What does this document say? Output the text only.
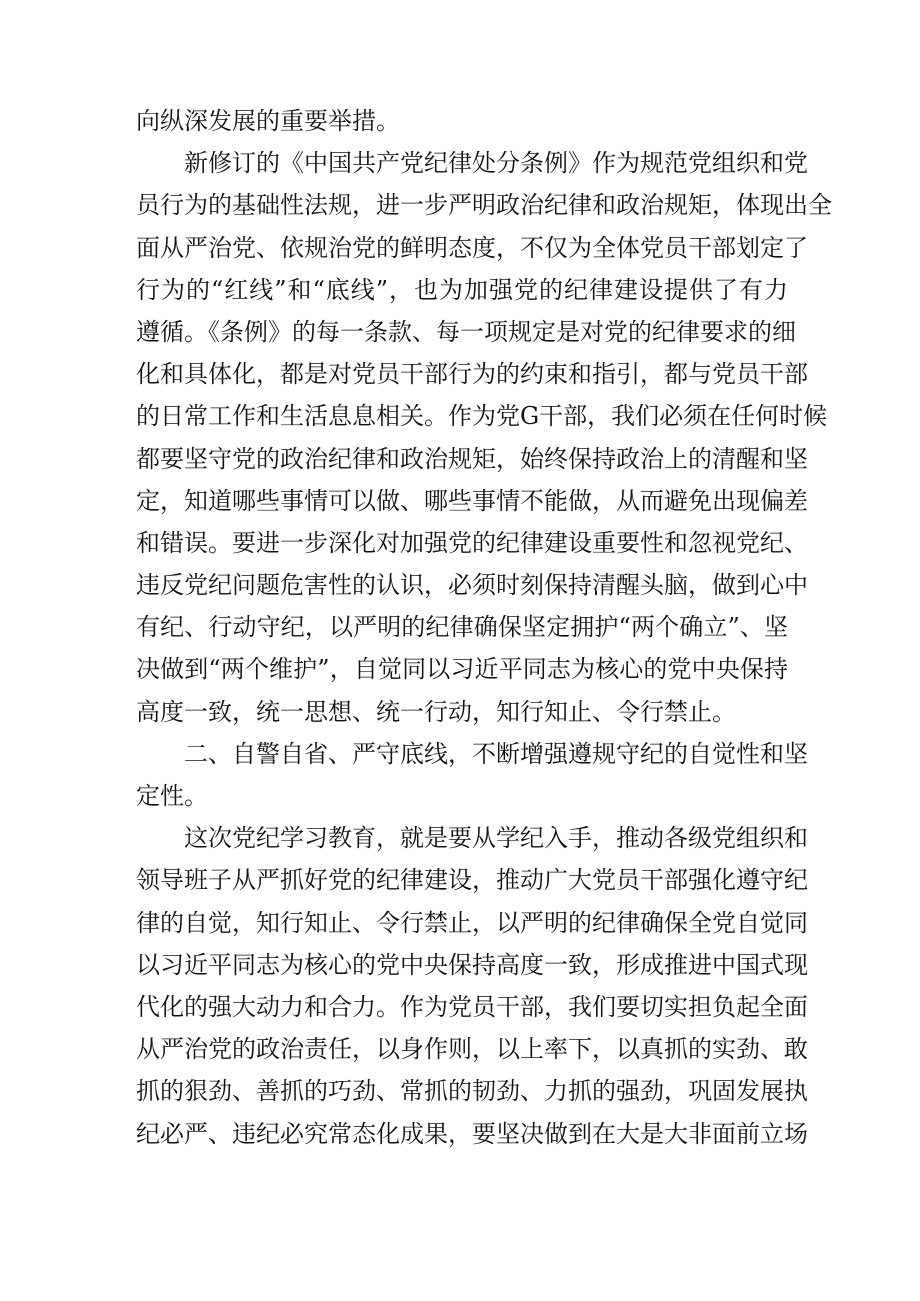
向纵深发展的重要举措。
新修订的《中国共产党纪律处分条例》作为规范党组织和党
员行为的基础性法规，进一步严明政治纪律和政治规矩，体现出全
面从严治党、依规治党的鲜明态度，不仅为全体党员干部划定了
行为的“红线”和“底线”，也为加强党的纪律建设提供了有力
遵循。《条例》的每一条款、每一项规定是对党的纪律要求的细
化和具体化，都是对党员干部行为的约束和指引，都与党员干部
的日常工作和生活息息相关。作为党G干部，我们必须在任何时候
都要坚守党的政治纪律和政治规矩，始终保持政治上的清醒和坚
定，知道哪些事情可以做、哪些事情不能做，从而避免出现偏差
和错误。要进一步深化对加强党的纪律建设重要性和忽视党纪、
违反党纪问题危害性的认识，必须时刻保持清醒头脑，做到心中
有纪、行动守纪，以严明的纪律确保坚定拥护“两个确立”、坚
决做到“两个维护”，自觉同以习近平同志为核心的党中央保持
高度一致，统一思想、统一行动，知行知止、令行禁止。
二、自警自省、严守底线，不断增强遵规守纪的自觉性和坚
定性。
这次党纪学习教育，就是要从学纪入手，推动各级党组织和
领导班子从严抓好党的纪律建设，推动广大党员干部强化遵守纪
律的自觉，知行知止、令行禁止，以严明的纪律确保全党自觉同
以习近平同志为核心的党中央保持高度一致，形成推进中国式现
代化的强大动力和合力。作为党员干部，我们要切实担负起全面
从严治党的政治责任，以身作则，以上率下，以真抓的实劲、敢
抓的狠劲、善抓的巧劲、常抓的韧劲、力抓的强劲，巩固发展执
纪必严、违纪必究常态化成果，要坚决做到在大是大非面前立场
